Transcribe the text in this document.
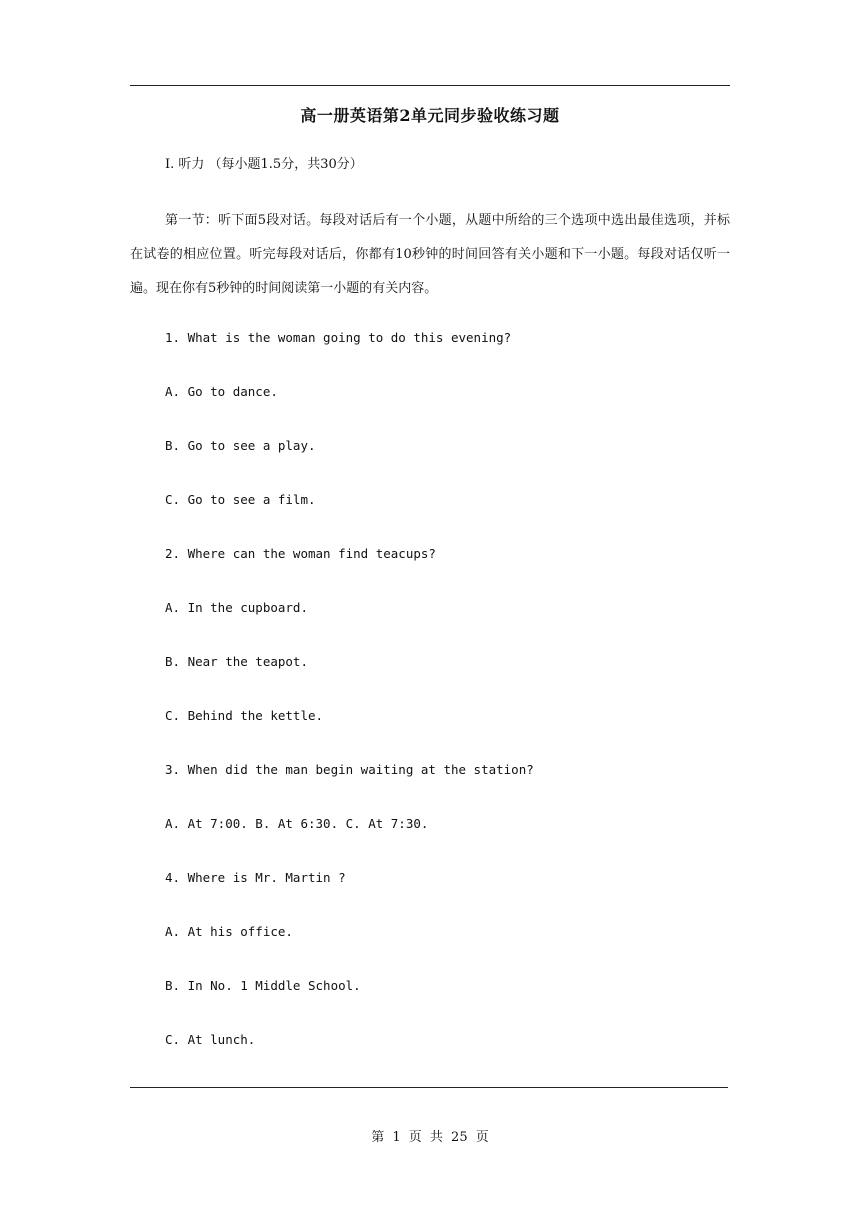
高一册英语第2单元同步验收练习题
I. 听力 （每小题1.5分，共30分）
第一节：听下面5段对话。每段对话后有一个小题，从题中所给的三个选项中选出最佳选项，并标在试卷的相应位置。听完每段对话后，你都有10秒钟的时间回答有关小题和下一小题。每段对话仅听一遍。现在你有5秒钟的时间阅读第一小题的有关内容。
1. What is the woman going to do this evening?
A. Go to dance.
B. Go to see a play.
C. Go to see a film.
2. Where can the woman find teacups?
A. In the cupboard.
B. Near the teapot.
C. Behind the kettle.
3. When did the man begin waiting at the station?
A. At 7:00. B. At 6:30. C. At 7:30.
4. Where is Mr. Martin ?
A. At his office.
B. In No. 1 Middle School.
C. At lunch.
第 1 页 共 25 页
